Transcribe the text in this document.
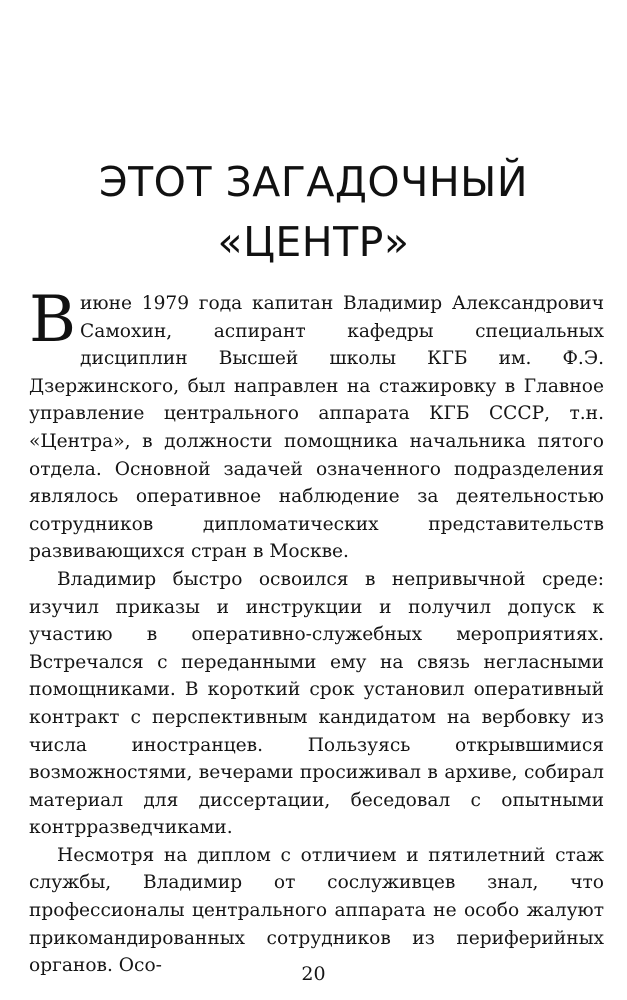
ЭТОТ ЗАГАДОЧНЫЙ
«ЦЕНТР»

В июне 1979 года капитан Владимир Александрович Самохин, аспирант кафедры специальных дисциплин Высшей школы КГБ им. Ф.Э. Дзержинского, был направлен на стажировку в Главное управление центрального аппарата КГБ СССР, т.н. «Центра», в должности помощника начальника пятого отдела. Основной задачей означенного подразделения являлось оперативное наблюдение за деятельностью сотрудников дипломатических представительств развивающихся стран в Москве.

Владимир быстро освоился в непривычной среде: изучил приказы и инструкции и получил допуск к участию в оперативно-служебных мероприятиях. Встречался с переданными ему на связь негласными помощниками. В короткий срок установил оперативный контракт с перспективным кандидатом на вербовку из числа иностранцев. Пользуясь открывшимися возможностями, вечерами просиживал в архиве, собирал материал для диссертации, беседовал с опытными контрразведчиками.

Несмотря на диплом с отличием и пятилетний стаж службы, Владимир от сослуживцев знал, что профессионалы центрального аппарата не особо жалуют прикомандированных сотрудников из периферийных органов. Осо-	20
